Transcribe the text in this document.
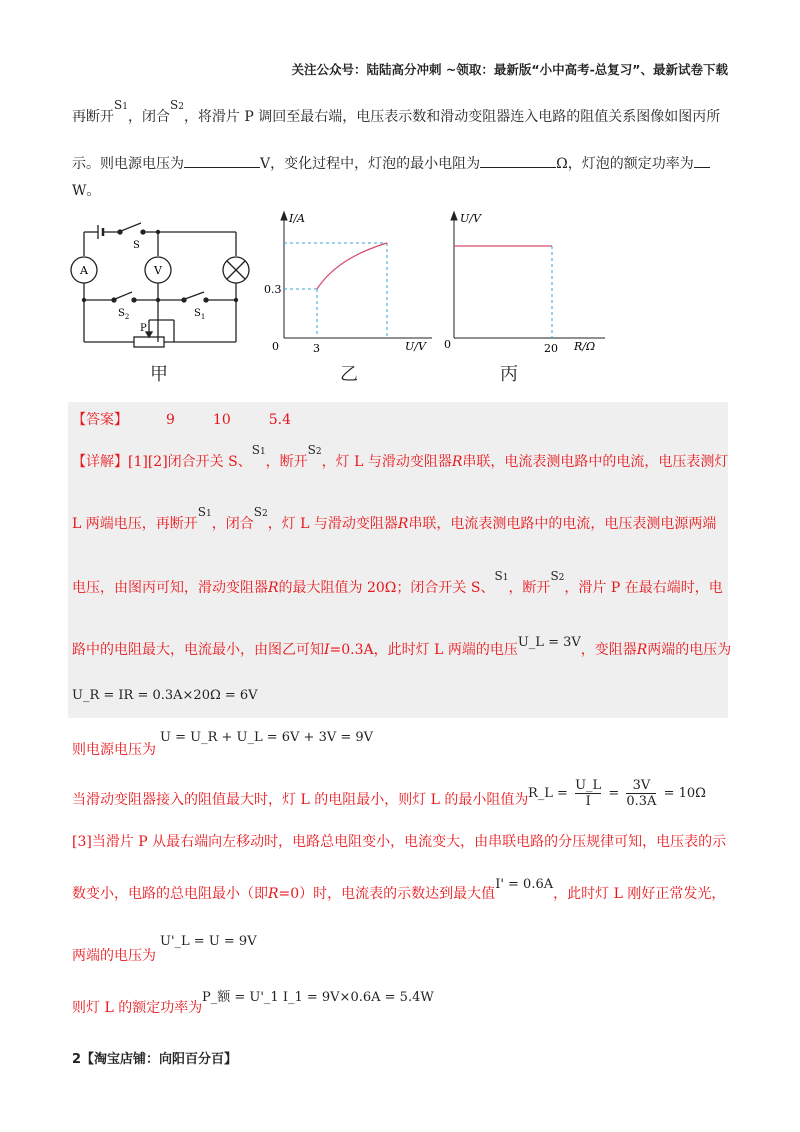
关注公众号：陆陆高分冲刺 ~领取：最新版“小中高考-总复习”、最新试卷下载
再断开S1，闭合S2，将滑片 P 调回至最右端，电压表示数和滑动变阻器连入电路的阻值关系图像如图丙所
示。则电源电压为	V，变化过程中，灯泡的最小电阻为	Ω，灯泡的额定功率为
W。
S
A	V
$S_2$	$S_1$
P
甲
I/A
U/V
0
0.3
3
乙
U/V
R/Ω
0	20
丙
【答案】	9	10	5.4
【详解】[1][2]闭合开关 S、S1，断开S2，灯 L 与滑动变阻器R串联，电流表测电路中的电流，电压表测灯
L 两端电压，再断开S1，闭合S2，灯 L 与滑动变阻器R串联，电流表测电路中的电流，电压表测电源两端
电压，由图丙可知，滑动变阻器R的最大阻值为 20Ω；闭合开关 S、S1，断开S2，滑片 P 在最右端时，电
路中的电阻最大，电流最小，由图乙可知I=0.3A，此时灯 L 两端的电压U_L = 3V，变阻器R两端的电压为
U_R = IR = 0.3A×20Ω = 6V
则电源电压为
U = U_R + U_L = 6V + 3V = 9V
当滑动变阻器接入的阻值最大时，灯 L 的电阻最小，则灯 L 的最小阻值为 R_L = $\frac{U\_L}{I} = \frac{3V}{0.3A} = 10\Omega$
[3]当滑片 P 从最右端向左移动时，电路总电阻变小，电流变大，由串联电路的分压规律可知，电压表的示
数变小，电路的总电阻最小（即R=0）时，电流表的示数达到最大值I' = 0.6A，此时灯 L 刚好正常发光，
两端的电压为
U'_L = U = 9V
则灯 L 的额定功率为
P_额 = U'_1 I_1 = 9V×0.6A = 5.4W
2【淘宝店铺：向阳百分百】
